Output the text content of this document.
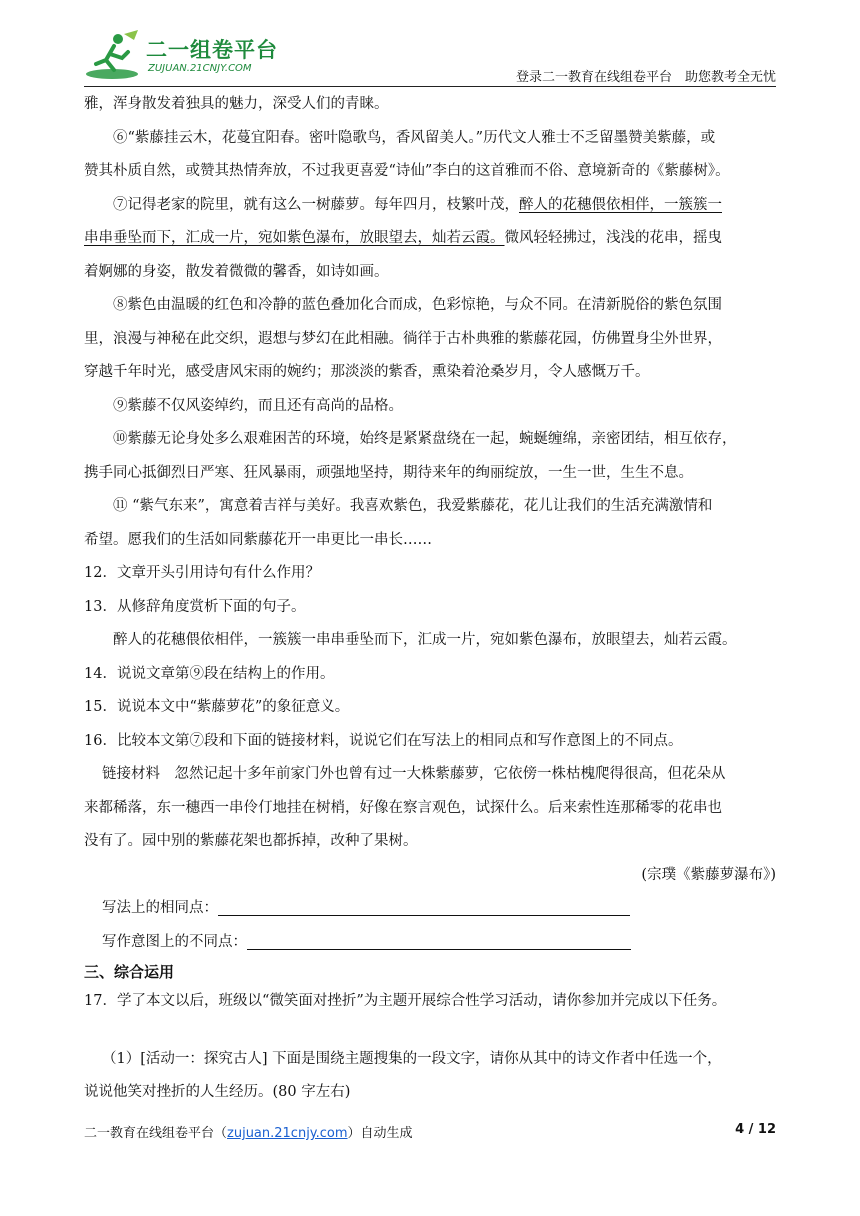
二一组卷平台
ZUJUAN.21CNJY.COM
登录二一教育在线组卷平台　助您教考全无忧
雅，浑身散发着独具的魅力，深受人们的青睐。
⑥“紫藤挂云木，花蔓宜阳春。密叶隐歌鸟，香风留美人。”历代文人雅士不乏留墨赞美紫藤，或
赞其朴质自然，或赞其热情奔放，不过我更喜爱“诗仙”李白的这首雅而不俗、意境新奇的《紫藤树》。
⑦记得老家的院里，就有这么一树藤萝。每年四月，枝繁叶茂，醉人的花穗偎依相伴，一簇簇一
串串垂坠而下，汇成一片，宛如紫色瀑布，放眼望去，灿若云霞。微风轻轻拂过，浅浅的花串，摇曳
着婀娜的身姿，散发着微微的馨香，如诗如画。
⑧紫色由温暖的红色和冷静的蓝色叠加化合而成，色彩惊艳，与众不同。在清新脱俗的紫色氛围
里，浪漫与神秘在此交织，遐想与梦幻在此相融。徜徉于古朴典雅的紫藤花园，仿佛置身尘外世界，
穿越千年时光，感受唐风宋雨的婉约；那淡淡的紫香，熏染着沧桑岁月，令人感慨万千。
⑨紫藤不仅风姿绰约，而且还有高尚的品格。
⑩紫藤无论身处多么艰难困苦的环境，始终是紧紧盘绕在一起，蜿蜒缠绵，亲密团结，相互依存，
携手同心抵御烈日严寒、狂风暴雨，顽强地坚持，期待来年的绚丽绽放，一生一世，生生不息。
⑪ “紫气东来”，寓意着吉祥与美好。我喜欢紫色，我爱紫藤花，花儿让我们的生活充满激情和
希望。愿我们的生活如同紫藤花开一串更比一串长……
12．文章开头引用诗句有什么作用？
13．从修辞角度赏析下面的句子。
醉人的花穗偎依相伴，一簇簇一串串垂坠而下，汇成一片，宛如紫色瀑布，放眼望去，灿若云霞。
14．说说文章第⑨段在结构上的作用。
15．说说本文中“紫藤萝花”的象征意义。
16．比较本文第⑦段和下面的链接材料，说说它们在写法上的相同点和写作意图上的不同点。
链接材料　忽然记起十多年前家门外也曾有过一大株紫藤萝，它依傍一株枯槐爬得很高，但花朵从
来都稀落，东一穗西一串伶仃地挂在树梢，好像在察言观色，试探什么。后来索性连那稀零的花串也
没有了。园中别的紫藤花架也都拆掉，改种了果树。
(宗璞《紫藤萝瀑布》)
写法上的相同点：
写作意图上的不同点：
三、综合运用
17．学了本文以后，班级以“微笑面对挫折”为主题开展综合性学习活动，请你参加并完成以下任务。
（1）[活动一：探究古人] 下面是围绕主题搜集的一段文字，请你从其中的诗文作者中任选一个，
说说他笑对挫折的人生经历。(80 字左右)
二一教育在线组卷平台（zujuan.21cnjy.com）自动生成	4 / 12
